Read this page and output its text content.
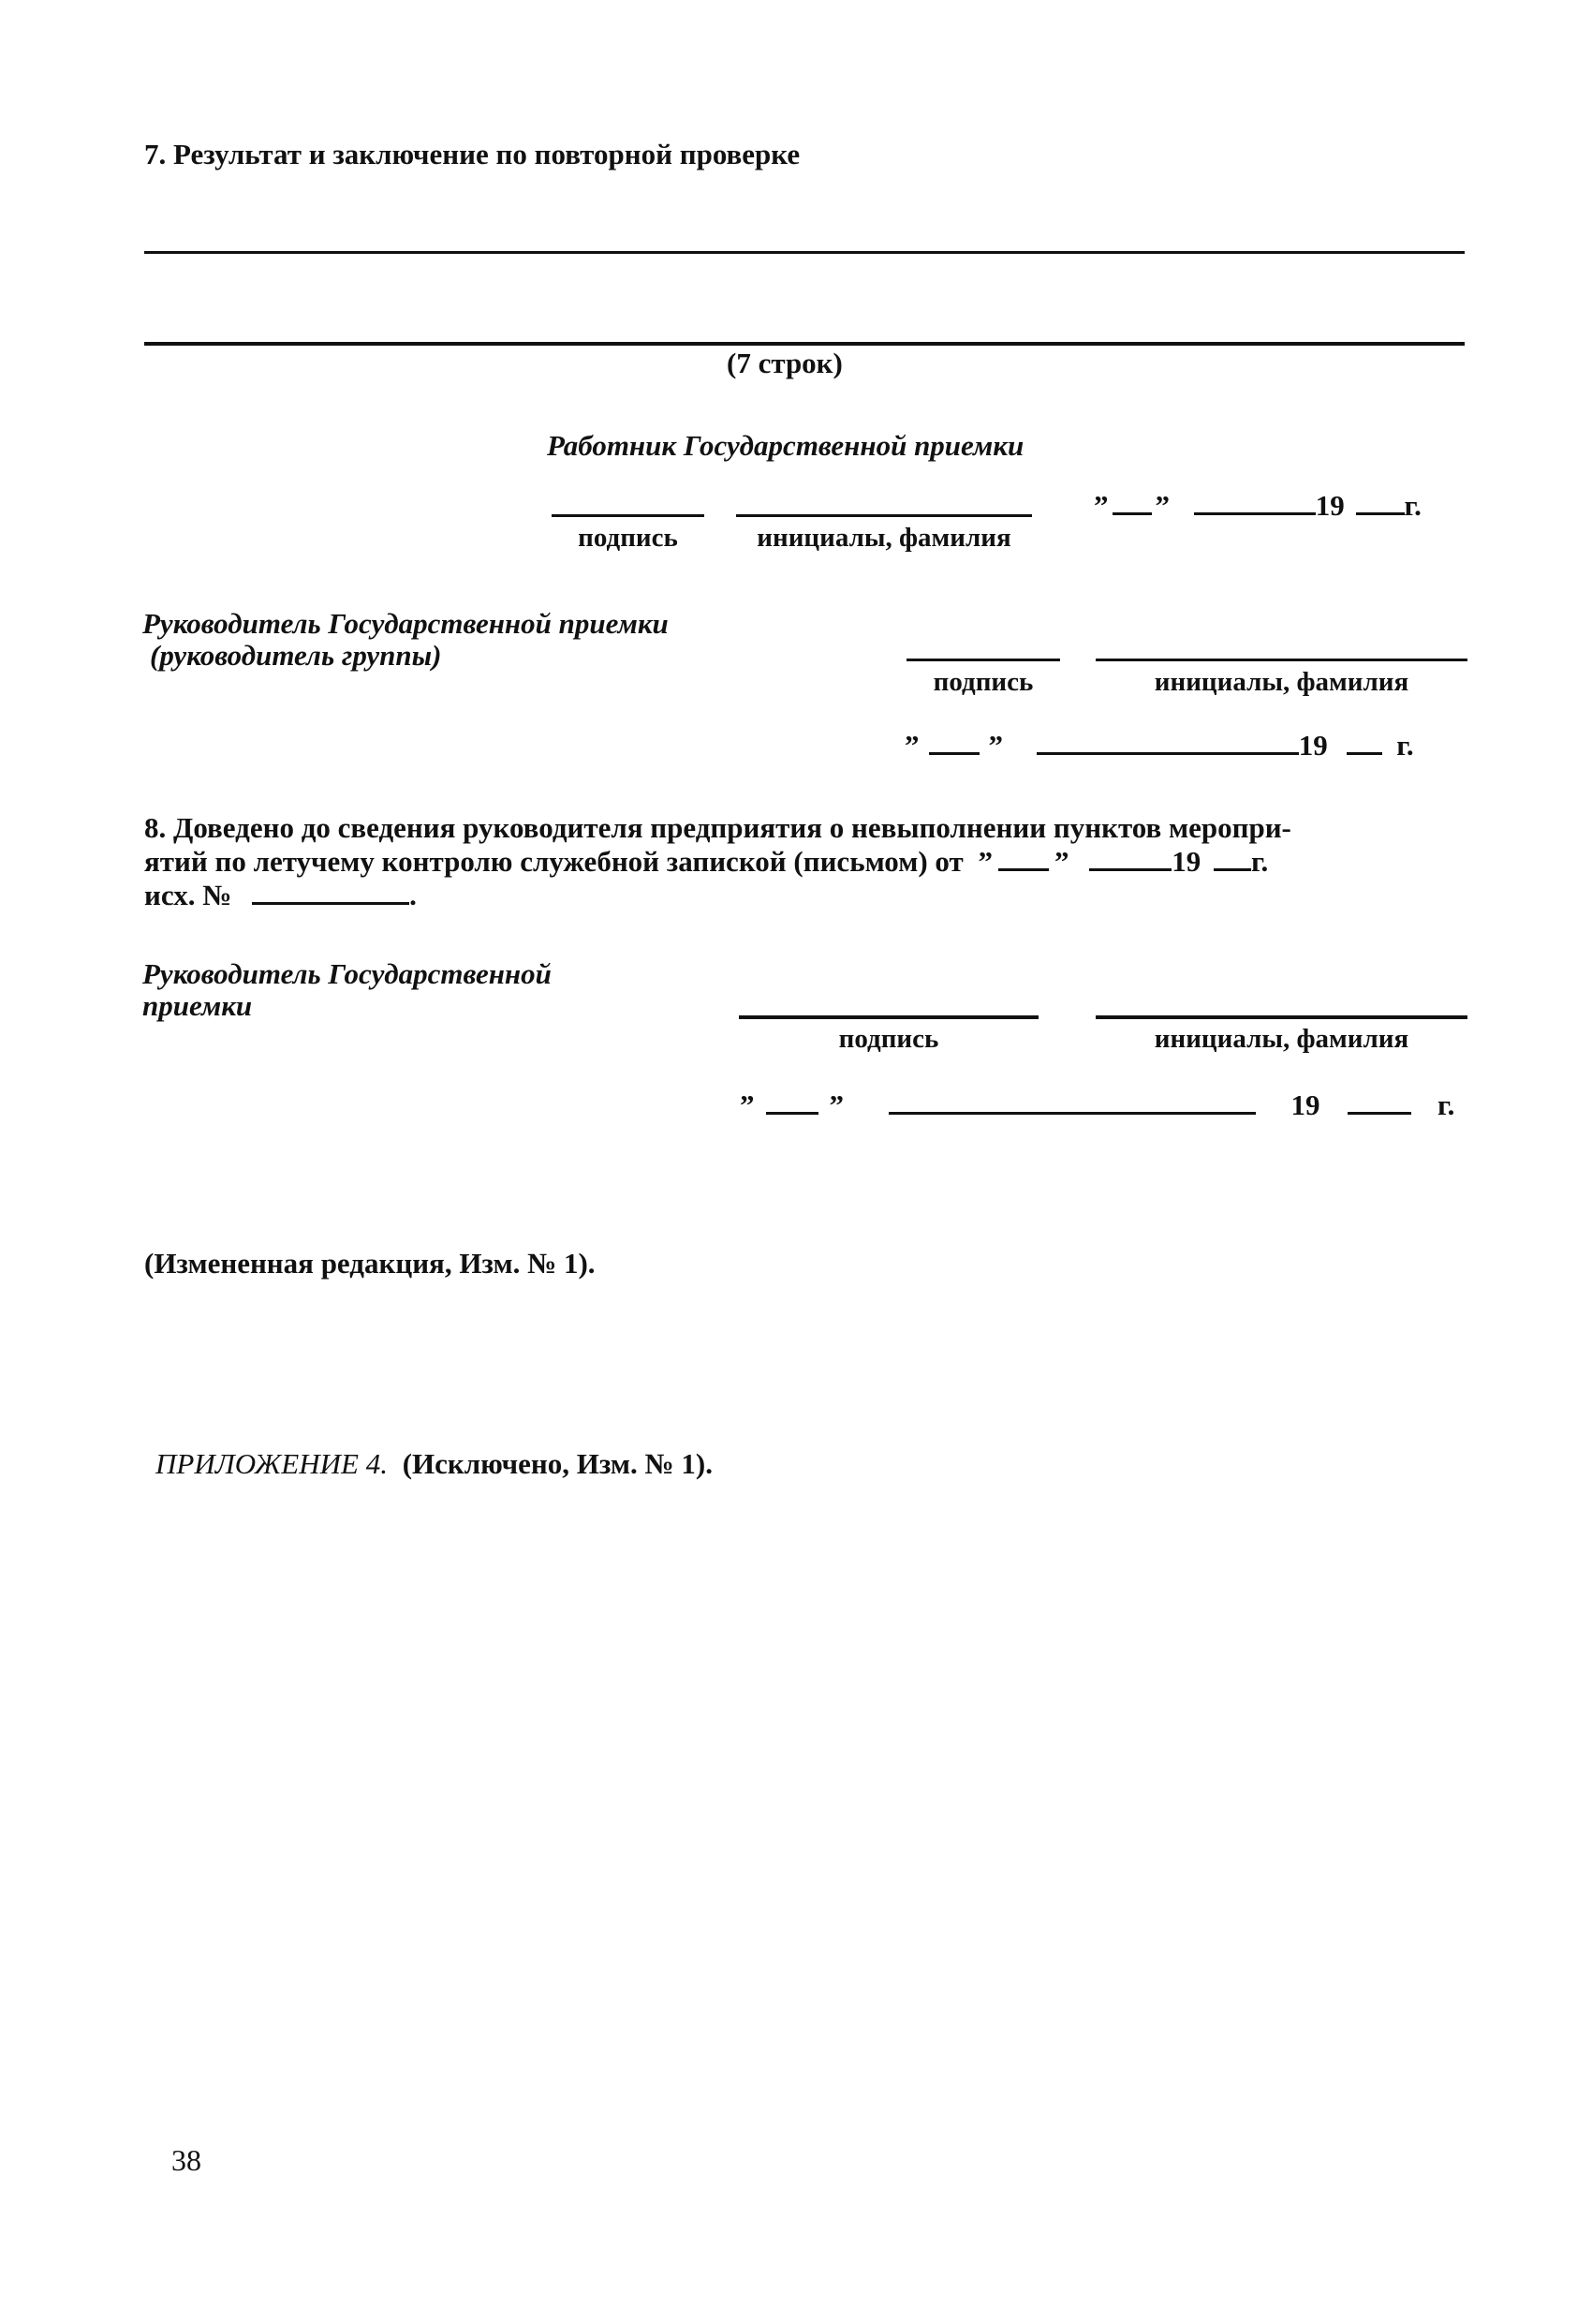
7. Результат и заключение по повторной проверке
(7 строк)
Работник Государственной приемки
подпись	инициалы, фамилия
” ”	19 г.
Руководитель Государственной приемки
(руководитель группы)
подпись	инициалы, фамилия
” ”	19 г.
8. Доведено до сведения руководителя предприятия о невыполнении пунктов меропри-
ятий по летучему контролю служебной запиской (письмом) от ” ”	19 г.
исх. №	.
Руководитель Государственной
приемки
подпись	инициалы, фамилия
”	”	19	г.
(Измененная редакция, Изм. № 1).
ПРИЛОЖЕНИЕ 4. (Исключено, Изм. № 1).
38
